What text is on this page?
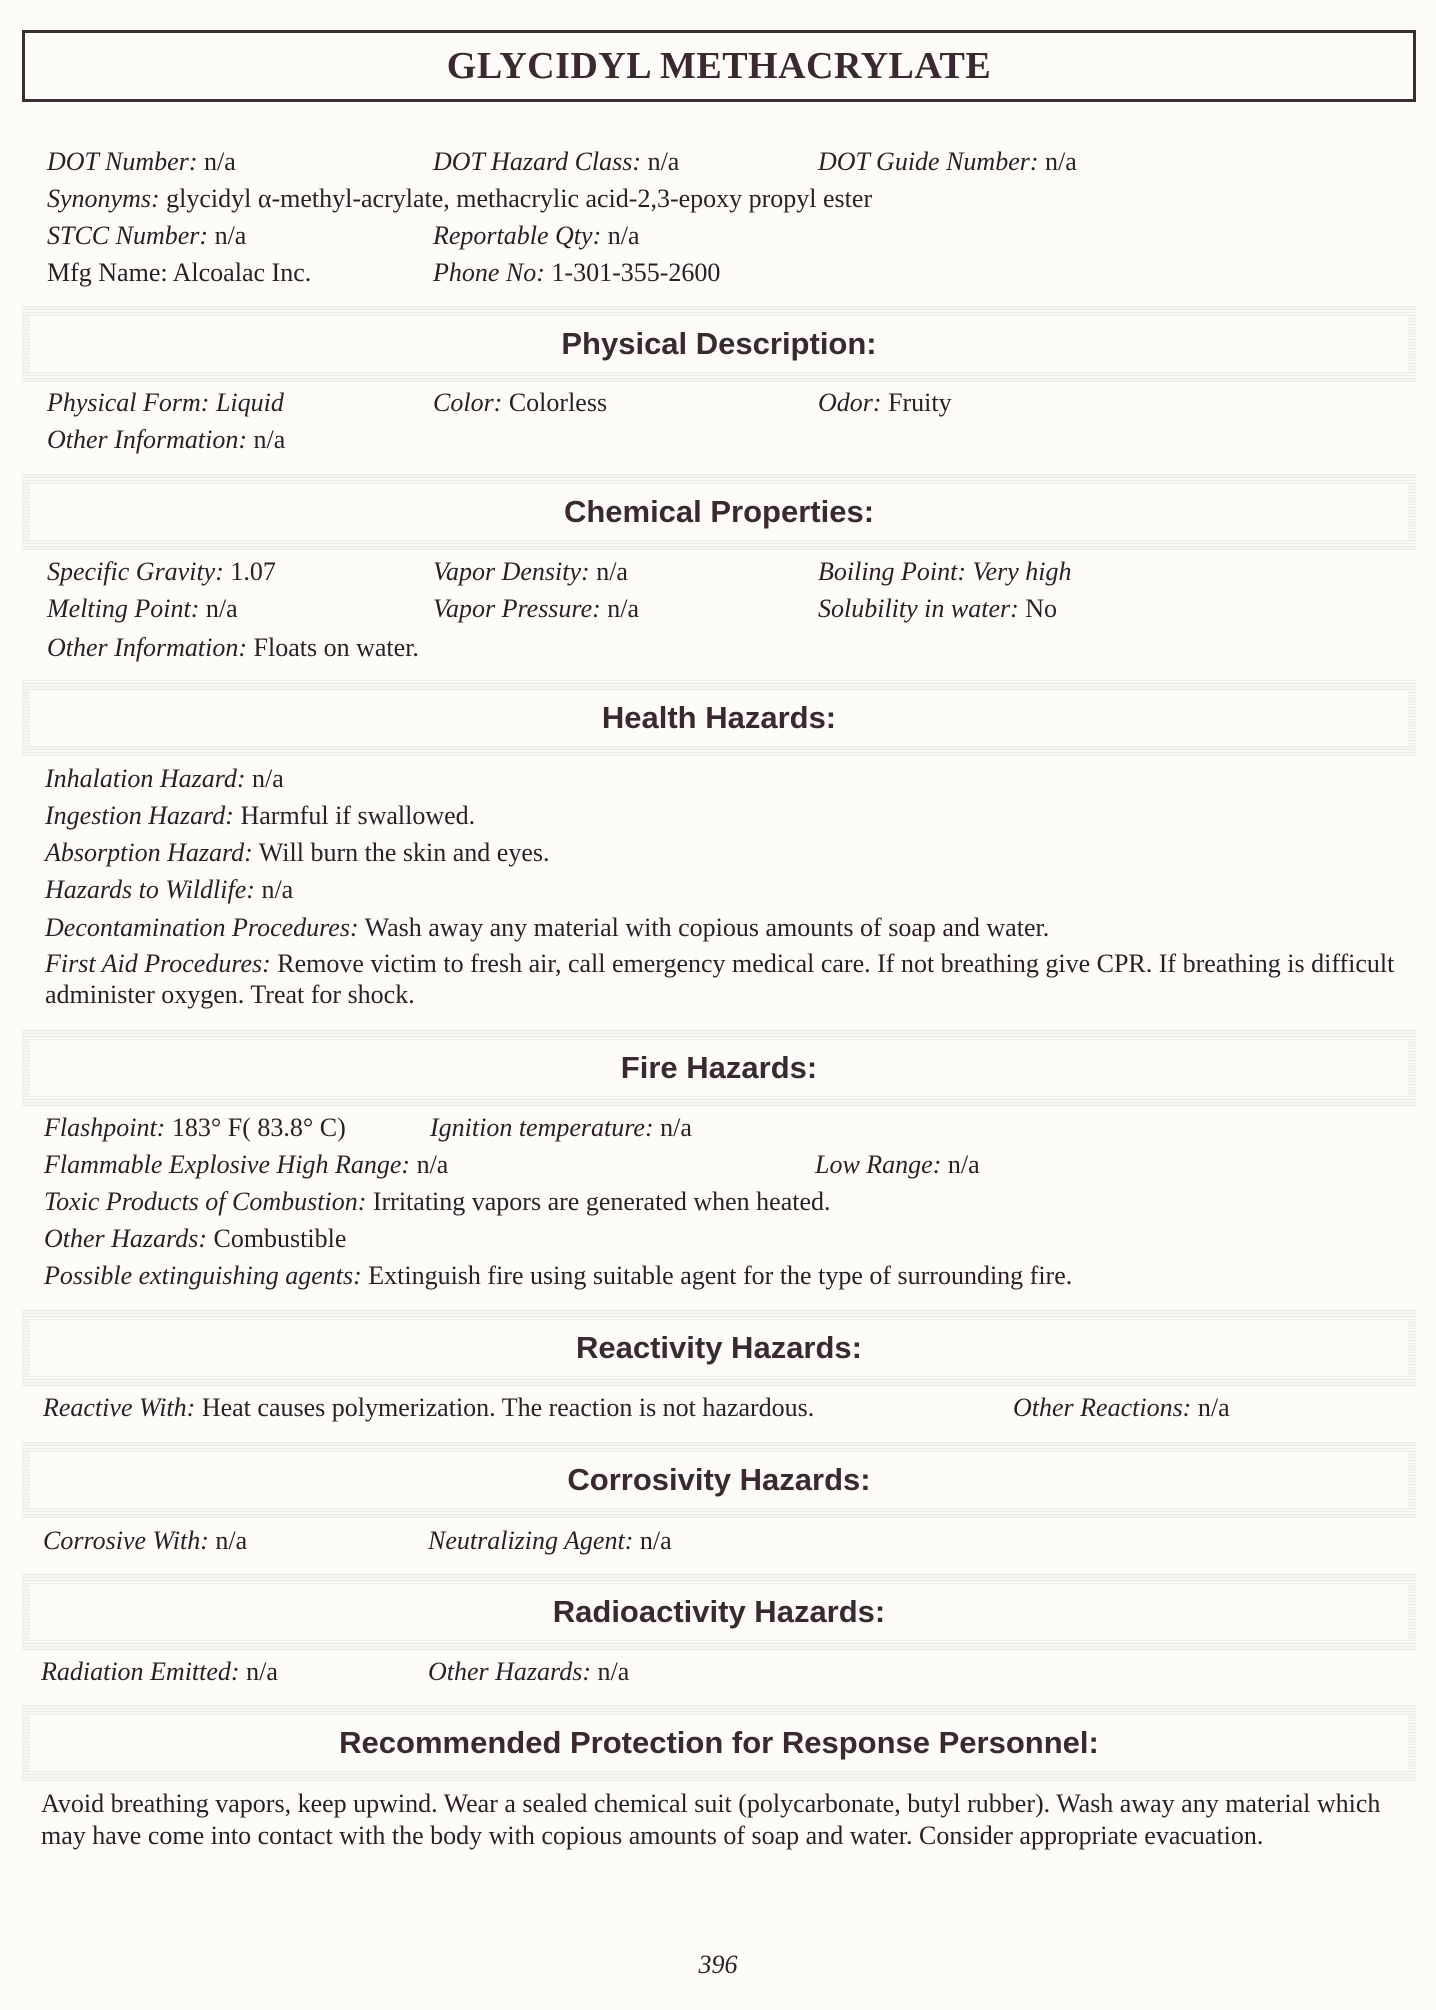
GLYCIDYL METHACRYLATE
DOT Number: n/a	DOT Hazard Class: n/a	DOT Guide Number: n/a
Synonyms: glycidyl α-methyl-acrylate, methacrylic acid-2,3-epoxy propyl ester
STCC Number: n/a	Reportable Qty: n/a
Mfg Name: Alcoalac Inc.	Phone No: 1-301-355-2600
Physical Description:
Physical Form: Liquid	Color: Colorless	Odor: Fruity
Other Information: n/a
Chemical Properties:
Specific Gravity: 1.07	Vapor Density: n/a	Boiling Point: Very high
Melting Point: n/a	Vapor Pressure: n/a	Solubility in water: No
Other Information: Floats on water.
Health Hazards:
Inhalation Hazard: n/a
Ingestion Hazard: Harmful if swallowed.
Absorption Hazard: Will burn the skin and eyes.
Hazards to Wildlife: n/a
Decontamination Procedures: Wash away any material with copious amounts of soap and water.
First Aid Procedures: Remove victim to fresh air, call emergency medical care. If not breathing give CPR. If breathing is difficult administer oxygen. Treat for shock.
Fire Hazards:
Flashpoint: 183° F( 83.8° C)	Ignition temperature: n/a
Flammable Explosive High Range: n/a	Low Range: n/a
Toxic Products of Combustion: Irritating vapors are generated when heated.
Other Hazards: Combustible
Possible extinguishing agents: Extinguish fire using suitable agent for the type of surrounding fire.
Reactivity Hazards:
Reactive With: Heat causes polymerization. The reaction is not hazardous.	Other Reactions: n/a
Corrosivity Hazards:
Corrosive With: n/a	Neutralizing Agent: n/a
Radioactivity Hazards:
Radiation Emitted: n/a	Other Hazards: n/a
Recommended Protection for Response Personnel:
Avoid breathing vapors, keep upwind. Wear a sealed chemical suit (polycarbonate, butyl rubber). Wash away any material which may have come into contact with the body with copious amounts of soap and water. Consider appropriate evacuation.
396
